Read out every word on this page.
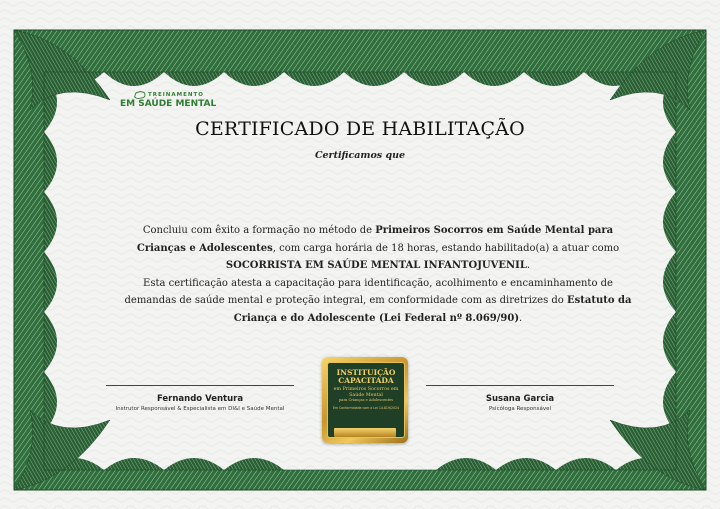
TREINAMENTO
EM SAÚDE MENTAL
CERTIFICADO DE HABILITAÇÃO
Certificamos que
Concluiu com êxito a formação no método de Primeiros Socorros em Saúde Mental para Crianças e Adolescentes, com carga horária de 18 horas, estando habilitado(a) a atuar como SOCORRISTA EM SAÚDE MENTAL INFANTOJUVENIL.
Esta certificação atesta a capacitação para identificação, acolhimento e encaminhamento de demandas de saúde mental e proteção integral, em conformidade com as diretrizes do Estatuto da Criança e do Adolescente (Lei Federal nº 8.069/90).
Fernando Ventura
Instrutor Responsável & Especialista em DI&I e Saúde Mental
Susana Garcia
Psicóloga Responsável
INSTITUIÇÃO
CAPACITADA
em Primeiros Socorros em Saúde Mental
para Crianças e Adolescentes
Em Conformidade com a Lei 14.819/2024
